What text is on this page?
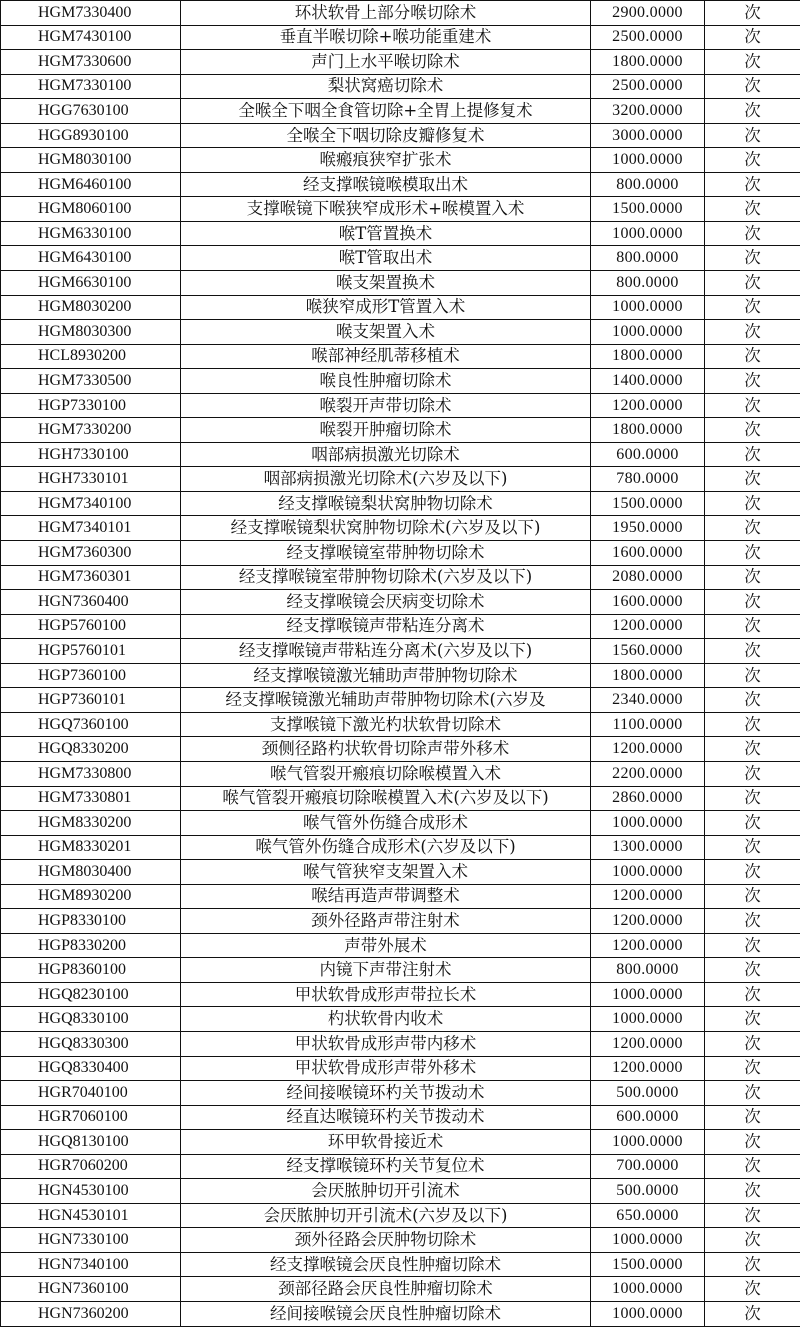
HGM7330400	环状软骨上部分喉切除术	2900.0000	次
HGM7430100	垂直半喉切除+喉功能重建术	2500.0000	次
HGM7330600	声门上水平喉切除术	1800.0000	次
HGM7330100	梨状窝癌切除术	2500.0000	次
HGG7630100	全喉全下咽全食管切除+全胃上提修复术	3200.0000	次
HGG8930100	全喉全下咽切除皮瓣修复术	3000.0000	次
HGM8030100	喉瘢痕狭窄扩张术	1000.0000	次
HGM6460100	经支撑喉镜喉模取出术	800.0000	次
HGM8060100	支撑喉镜下喉狭窄成形术+喉模置入术	1500.0000	次
HGM6330100	喉T管置换术	1000.0000	次
HGM6430100	喉T管取出术	800.0000	次
HGM6630100	喉支架置换术	800.0000	次
HGM8030200	喉狭窄成形T管置入术	1000.0000	次
HGM8030300	喉支架置入术	1000.0000	次
HCL8930200	喉部神经肌蒂移植术	1800.0000	次
HGM7330500	喉良性肿瘤切除术	1400.0000	次
HGP7330100	喉裂开声带切除术	1200.0000	次
HGM7330200	喉裂开肿瘤切除术	1800.0000	次
HGH7330100	咽部病损激光切除术	600.0000	次
HGH7330101	咽部病损激光切除术(六岁及以下)	780.0000	次
HGM7340100	经支撑喉镜梨状窝肿物切除术	1500.0000	次
HGM7340101	经支撑喉镜梨状窝肿物切除术(六岁及以下)	1950.0000	次
HGM7360300	经支撑喉镜室带肿物切除术	1600.0000	次
HGM7360301	经支撑喉镜室带肿物切除术(六岁及以下)	2080.0000	次
HGN7360400	经支撑喉镜会厌病变切除术	1600.0000	次
HGP5760100	经支撑喉镜声带粘连分离术	1200.0000	次
HGP5760101	经支撑喉镜声带粘连分离术(六岁及以下)	1560.0000	次
HGP7360100	经支撑喉镜激光辅助声带肿物切除术	1800.0000	次
HGP7360101	经支撑喉镜激光辅助声带肿物切除术(六岁及	2340.0000	次
HGQ7360100	支撑喉镜下激光杓状软骨切除术	1100.0000	次
HGQ8330200	颈侧径路杓状软骨切除声带外移术	1200.0000	次
HGM7330800	喉气管裂开瘢痕切除喉模置入术	2200.0000	次
HGM7330801	喉气管裂开瘢痕切除喉模置入术(六岁及以下)	2860.0000	次
HGM8330200	喉气管外伤缝合成形术	1000.0000	次
HGM8330201	喉气管外伤缝合成形术(六岁及以下)	1300.0000	次
HGM8030400	喉气管狭窄支架置入术	1000.0000	次
HGM8930200	喉结再造声带调整术	1200.0000	次
HGP8330100	颈外径路声带注射术	1200.0000	次
HGP8330200	声带外展术	1200.0000	次
HGP8360100	内镜下声带注射术	800.0000	次
HGQ8230100	甲状软骨成形声带拉长术	1000.0000	次
HGQ8330100	杓状软骨内收术	1000.0000	次
HGQ8330300	甲状软骨成形声带内移术	1200.0000	次
HGQ8330400	甲状软骨成形声带外移术	1200.0000	次
HGR7040100	经间接喉镜环杓关节拨动术	500.0000	次
HGR7060100	经直达喉镜环杓关节拨动术	600.0000	次
HGQ8130100	环甲软骨接近术	1000.0000	次
HGR7060200	经支撑喉镜环杓关节复位术	700.0000	次
HGN4530100	会厌脓肿切开引流术	500.0000	次
HGN4530101	会厌脓肿切开引流术(六岁及以下)	650.0000	次
HGN7330100	颈外径路会厌肿物切除术	1000.0000	次
HGN7340100	经支撑喉镜会厌良性肿瘤切除术	1500.0000	次
HGN7360100	颈部径路会厌良性肿瘤切除术	1000.0000	次
HGN7360200	经间接喉镜会厌良性肿瘤切除术	1000.0000	次
